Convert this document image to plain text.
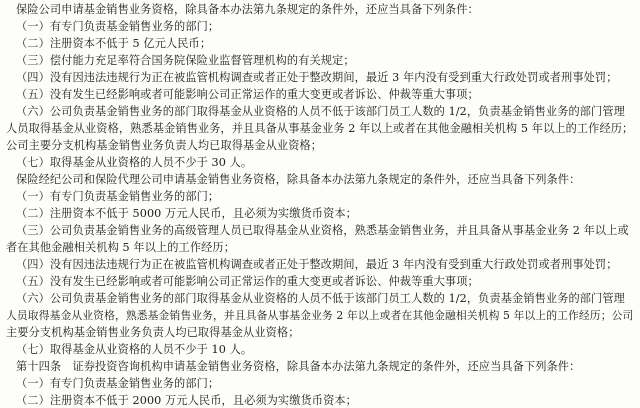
保险公司申请基金销售业务资格，除具备本办法第九条规定的条件外，还应当具备下列条件：
（一）有专门负责基金销售业务的部门；
（二）注册资本不低于 5 亿元人民币；
（三）偿付能力充足率符合国务院保险业监督管理机构的有关规定；
（四）没有因违法违规行为正在被监管机构调查或者正处于整改期间，最近 3 年内没有受到重大行政处罚或者刑事处罚；
（五）没有发生已经影响或者可能影响公司正常运作的重大变更或者诉讼、仲裁等重大事项；
（六）公司负责基金销售业务的部门取得基金从业资格的人员不低于该部门员工人数的 1/2，负责基金销售业务的部门管理
人员取得基金从业资格，熟悉基金销售业务，并且具备从事基金业务 2 年以上或者在其他金融相关机构 5 年以上的工作经历；
公司主要分支机构基金销售业务负责人均已取得基金从业资格；
（七）取得基金从业资格的人员不少于 30 人。
保险经纪公司和保险代理公司申请基金销售业务资格，除具备本办法第九条规定的条件外，还应当具备下列条件：
（一）有专门负责基金销售业务的部门；
（二）注册资本不低于 5000 万元人民币，且必须为实缴货币资本；
（三）公司负责基金销售业务的高级管理人员已取得基金从业资格，熟悉基金销售业务，并且具备从事基金业务 2 年以上或
者在其他金融相关机构 5 年以上的工作经历；
（四）没有因违法违规行为正在被监管机构调查或者正处于整改期间，最近 3 年内没有受到重大行政处罚或者刑事处罚；
（五）没有发生已经影响或者可能影响公司正常运作的重大变更或者诉讼、仲裁等重大事项；
（六）公司负责基金销售业务的部门取得基金从业资格的人员不低于该部门员工人数的 1/2，负责基金销售业务的部门管理
人员取得基金从业资格，熟悉基金销售业务，并且具备从事基金业务 2 年以上或者在其他金融相关机构 5 年以上的工作经历；公司
主要分支机构基金销售业务负责人均已取得基金从业资格；
（七）取得基金从业资格的人员不少于 10 人。
第十四条　证券投资咨询机构申请基金销售业务资格，除具备本办法第九条规定的条件外，还应当具备下列条件：
（一）有专门负责基金销售业务的部门；
（二）注册资本不低于 2000 万元人民币，且必须为实缴货币资本；
